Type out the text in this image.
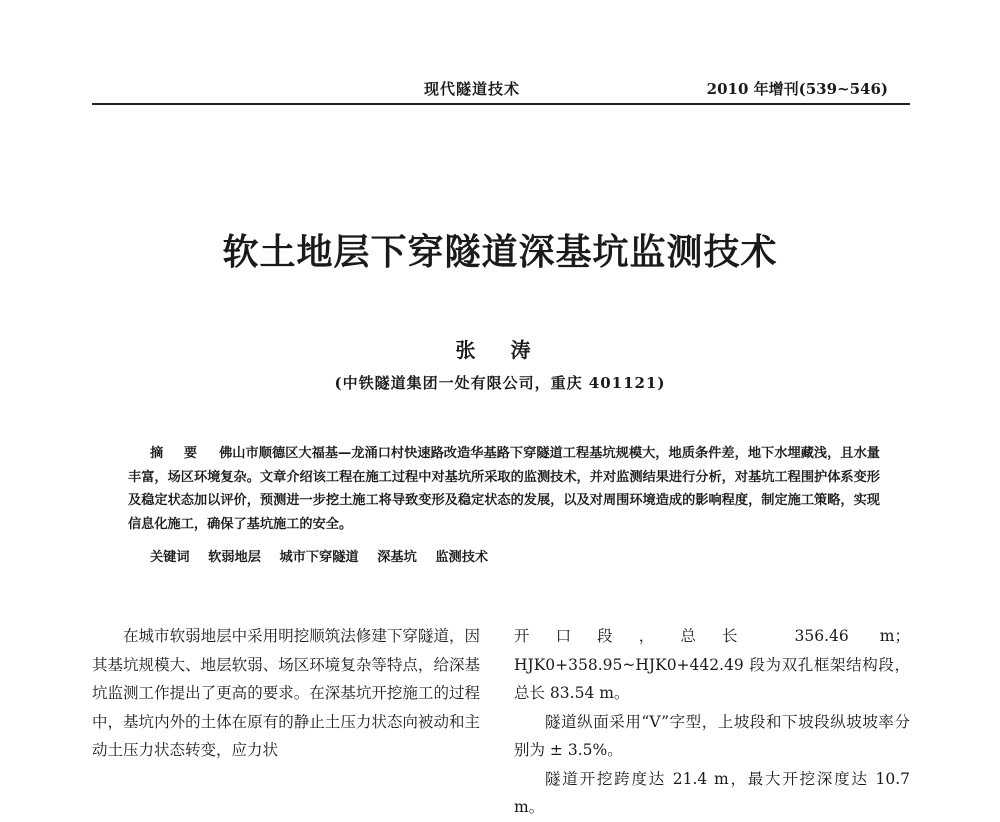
现代隧道技术	2010 年增刊(539~546)
软土地层下穿隧道深基坑监测技术
张 涛
(中铁隧道集团一处有限公司，重庆 401121)
摘 要 佛山市顺德区大福基—龙涌口村快速路改造华基路下穿隧道工程基坑规模大，地质条件差，地下水埋藏浅，且水量丰富，场区环境复杂。文章介绍该工程在施工过程中对基坑所采取的监测技术，并对监测结果进行分析，对基坑工程围护体系变形及稳定状态加以评价，预测进一步挖土施工将导致变形及稳定状态的发展，以及对周围环境造成的影响程度，制定施工策略，实现信息化施工，确保了基坑施工的安全。
关键词 软弱地层 城市下穿隧道 深基坑 监测技术

在城市软弱地层中采用明挖顺筑法修建下穿隧道，因其基坑规模大、地层软弱、场区环境复杂等特点，给深基坑监测工作提出了更高的要求。在深基坑开挖施工的过程中，基坑内外的土体在原有的静止土压力状态向被动和主动土压力状态转变，应力状

开口段，总长 356.46 m；HJK0+358.95~HJK0+442.49 段为双孔框架结构段，总长 83.54 m。

隧道纵面采用“V”字型，上坡段和下坡段纵坡坡率分别为 ± 3.5%。

隧道开挖跨度达 21.4 m，最大开挖深度达 10.7 m。
